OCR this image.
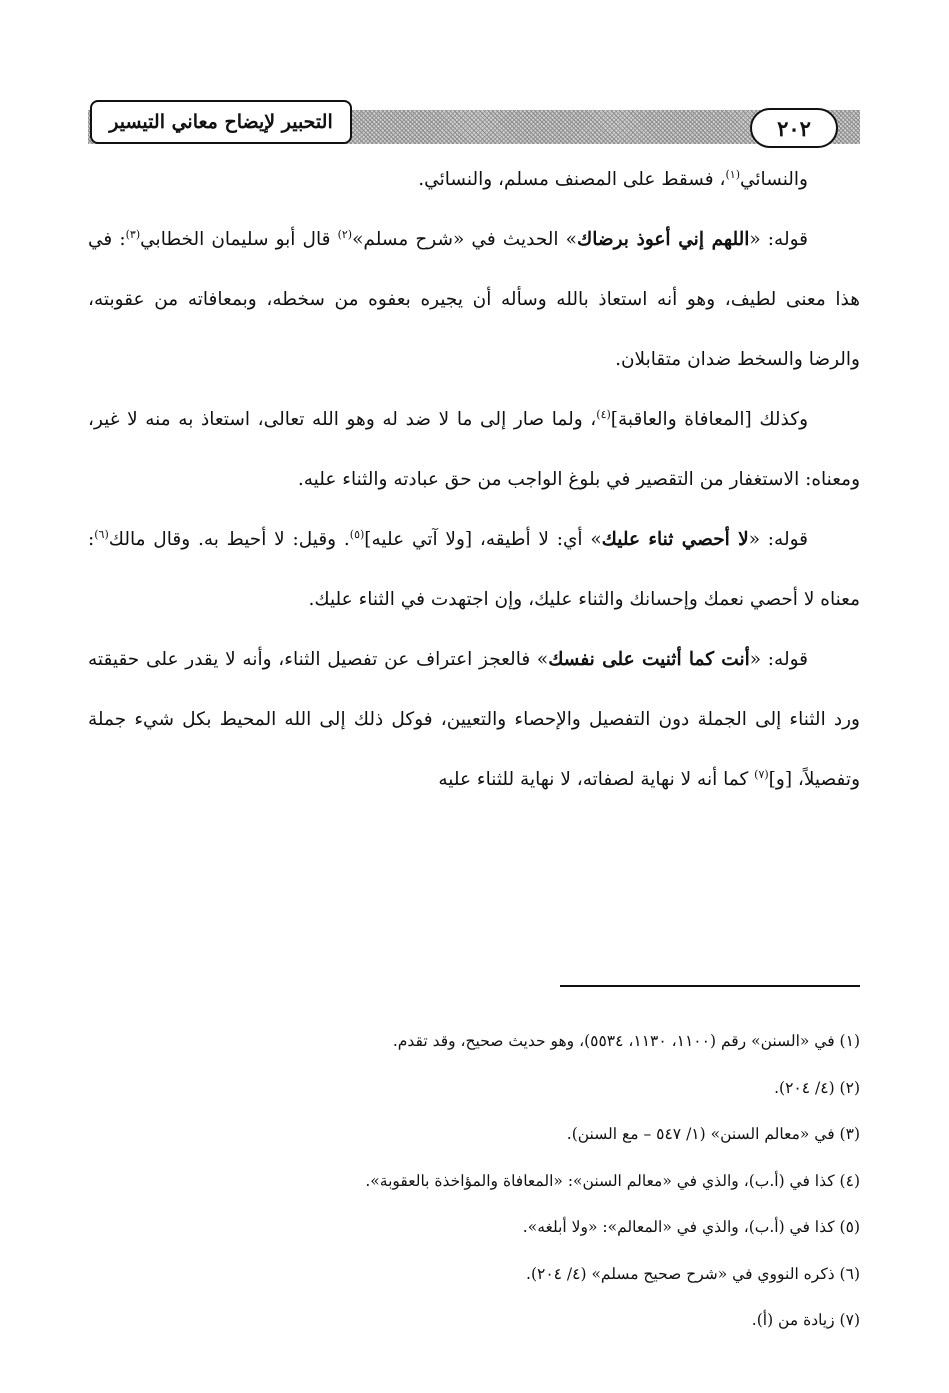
التحبير لإيضاح معاني التيسير	٢٠٢

والنسائي$^{(١)}$، فسقط على المصنف مسلم، والنسائي.

قوله: «اللهم إني أعوذ برضاك» الحديث في «شرح مسلم»$^{(٢)}$ قال أبو سليمان الخطابي$^{(٣)}$: في هذا معنى لطيف، وهو أنه استعاذ بالله وسأله أن يجيره بعفوه من سخطه، وبمعافاته من عقوبته، والرضا والسخط ضدان متقابلان.

وكذلك [المعافاة والعاقبة]$^{(٤)}$، ولما صار إلى ما لا ضد له وهو الله تعالى، استعاذ به منه لا غير، ومعناه: الاستغفار من التقصير في بلوغ الواجب من حق عبادته والثناء عليه.

قوله: «لا أحصي ثناء عليك» أي: لا أطيقه، [ولا آتي عليه]$^{(٥)}$. وقيل: لا أحيط به. وقال مالك$^{(٦)}$: معناه لا أحصي نعمك وإحسانك والثناء عليك، وإن اجتهدت في الثناء عليك.

قوله: «أنت كما أثنيت على نفسك» فالعجز اعتراف عن تفصيل الثناء، وأنه لا يقدر على حقيقته ورد الثناء إلى الجملة دون التفصيل والإحصاء والتعيين، فوكل ذلك إلى الله المحيط بكل شيء جملة وتفصيلاً، [و]$^{(٧)}$ كما أنه لا نهاية لصفاته، لا نهاية للثناء عليه

(١) في «السنن» رقم (١١٠٠، ١١٣٠، ٥٥٣٤)، وهو حديث صحيح، وقد تقدم.
(٢) (٤/ ٢٠٤).
(٣) في «معالم السنن» (١/ ٥٤٧ – مع السنن).
(٤) كذا في (أ.ب)، والذي في «معالم السنن»: «المعافاة والمؤاخذة بالعقوبة».
(٥) كذا في (أ.ب)، والذي في «المعالم»: «ولا أبلغه».
(٦) ذكره النووي في «شرح صحيح مسلم» (٤/ ٢٠٤).
(٧) زيادة من (أ).
